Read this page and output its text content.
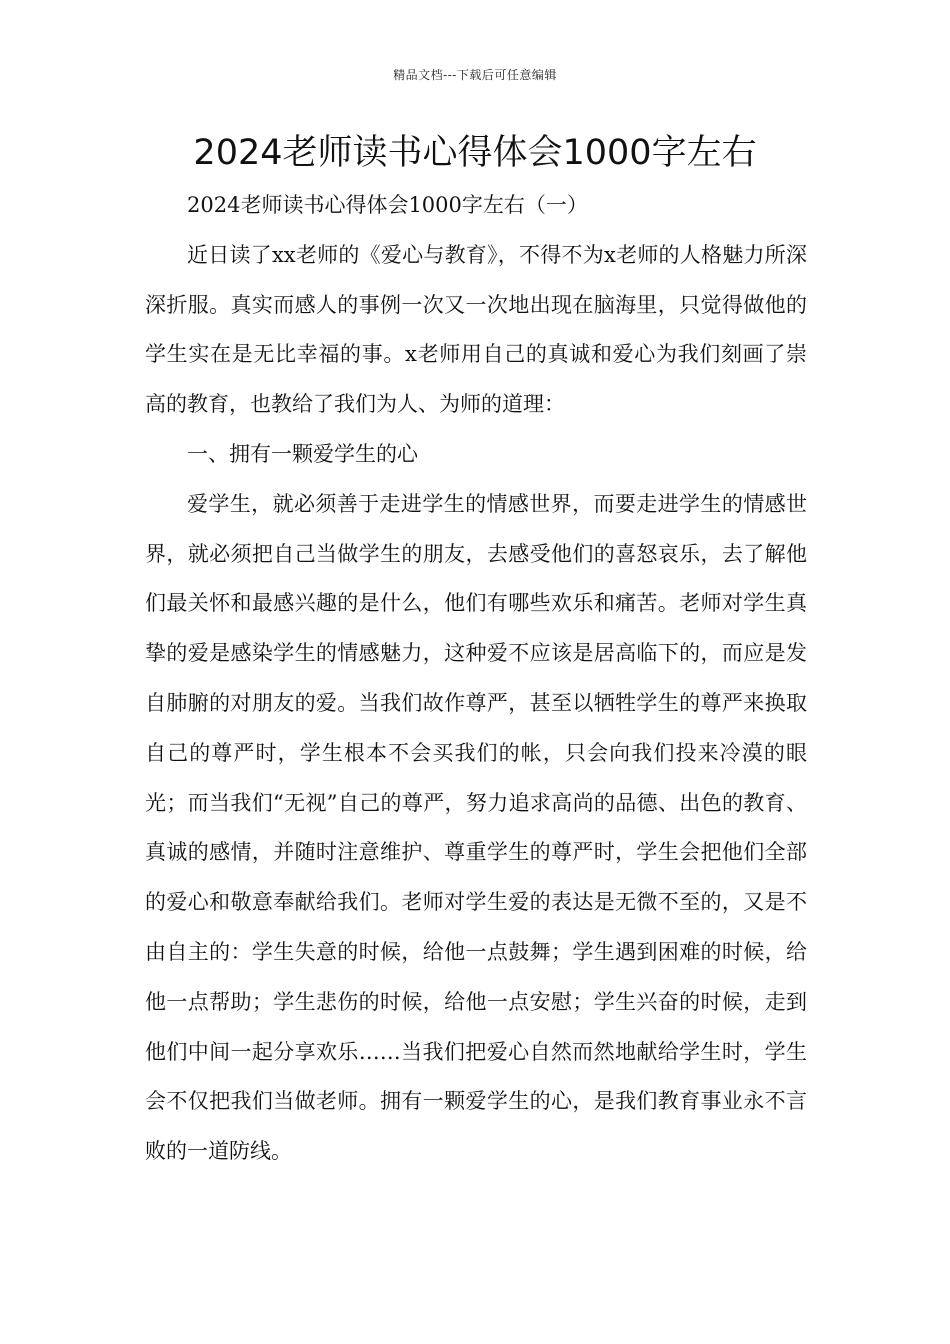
精品文档---下载后可任意编辑
2024老师读书心得体会1000字左右

2024老师读书心得体会1000字左右（一）

近日读了xx老师的《爱心与教育》，不得不为x老师的人格魅力所深深折服。真实而感人的事例一次又一次地出现在脑海里，只觉得做他的学生实在是无比幸福的事。x老师用自己的真诚和爱心为我们刻画了崇高的教育，也教给了我们为人、为师的道理：

一、拥有一颗爱学生的心

爱学生，就必须善于走进学生的情感世界，而要走进学生的情感世界，就必须把自己当做学生的朋友，去感受他们的喜怒哀乐，去了解他们最关怀和最感兴趣的是什么，他们有哪些欢乐和痛苦。老师对学生真挚的爱是感染学生的情感魅力，这种爱不应该是居高临下的，而应是发自肺腑的对朋友的爱。当我们故作尊严，甚至以牺牲学生的尊严来换取自己的尊严时，学生根本不会买我们的帐，只会向我们投来冷漠的眼光；而当我们“无视”自己的尊严，努力追求高尚的品德、出色的教育、真诚的感情，并随时注意维护、尊重学生的尊严时，学生会把他们全部的爱心和敬意奉献给我们。老师对学生爱的表达是无微不至的，又是不由自主的：学生失意的时候，给他一点鼓舞；学生遇到困难的时候，给他一点帮助；学生悲伤的时候，给他一点安慰；学生兴奋的时候，走到他们中间一起分享欢乐……当我们把爱心自然而然地献给学生时，学生会不仅把我们当做老师。拥有一颗爱学生的心，是我们教育事业永不言败的一道防线。
